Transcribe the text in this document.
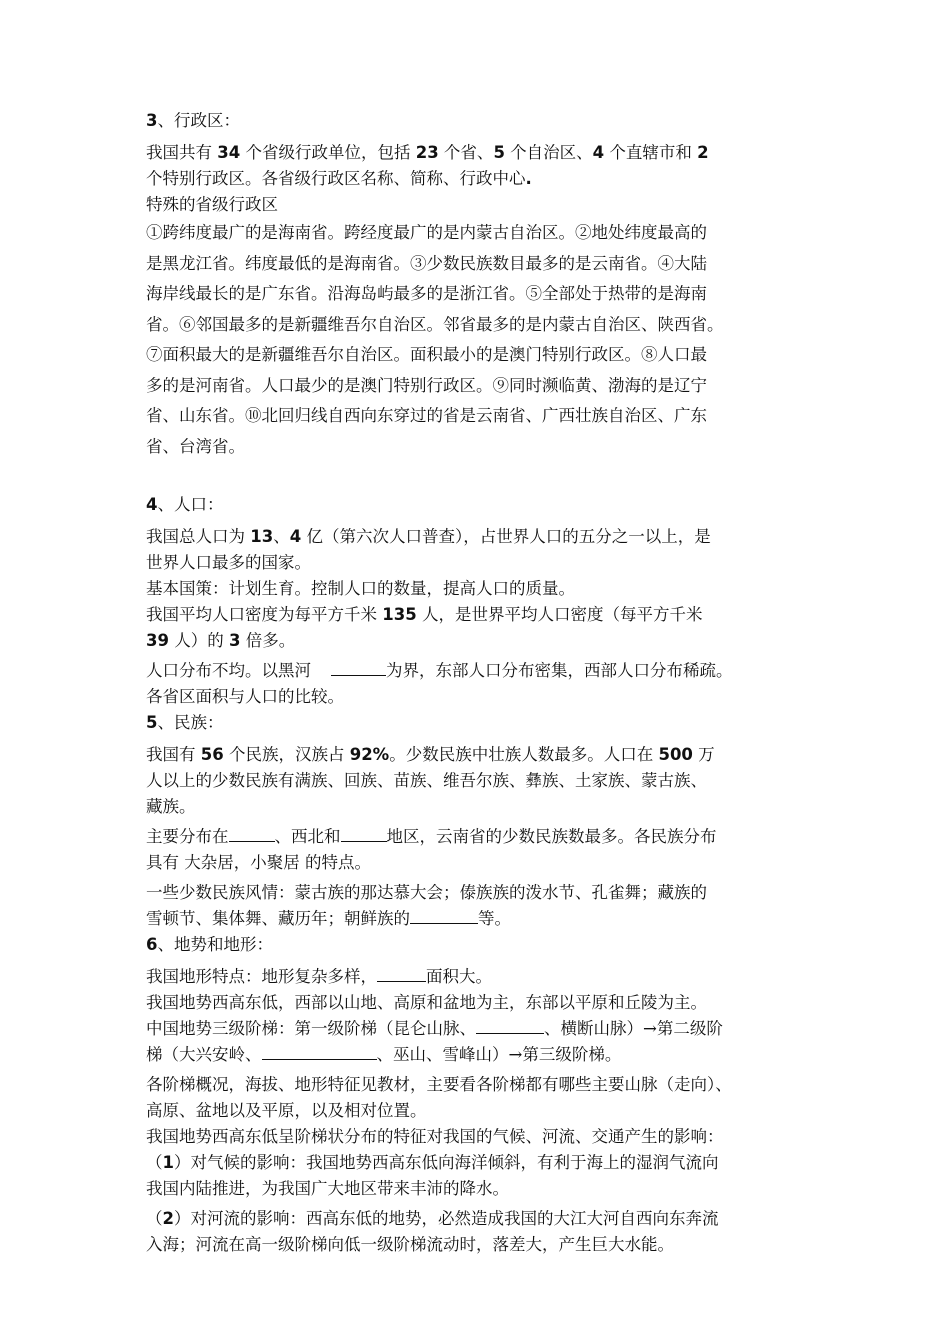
3、行政区：

我国共有 34 个省级行政单位，包括 23 个省、5 个自治区、4 个直辖市和 2

个特别行政区。各省级行政区名称、简称、行政中心.

特殊的省级行政区

①跨纬度最广的是海南省。跨经度最广的是内蒙古自治区。②地处纬度最高的

是黑龙江省。纬度最低的是海南省。③少数民族数目最多的是云南省。④大陆

海岸线最长的是广东省。沿海岛屿最多的是浙江省。⑤全部处于热带的是海南

省。⑥邻国最多的是新疆维吾尔自治区。邻省最多的是内蒙古自治区、陕西省。

⑦面积最大的是新疆维吾尔自治区。面积最小的是澳门特别行政区。⑧人口最

多的是河南省。人口最少的是澳门特别行政区。⑨同时濒临黄、渤海的是辽宁

省、山东省。⑩北回归线自西向东穿过的省是云南省、广西壮族自治区、广东

省、台湾省。

4、人口：

我国总人口为 13、4 亿（第六次人口普查），占世界人口的五分之一以上，是

世界人口最多的国家。

基本国策：计划生育。控制人口的数量，提高人口的质量。

我国平均人口密度为每平方千米 135 人，是世界平均人口密度（每平方千米

39 人）的 3 倍多。

人口分布不均。以黑河	为界，东部人口分布密集，西部人口分布稀疏。

各省区面积与人口的比较。

5、民族：

我国有 56 个民族，汉族占 92%。少数民族中壮族人数最多。人口在 500 万

人以上的少数民族有满族、回族、苗族、维吾尔族、彝族、土家族、蒙古族、

藏族。

主要分布在	、西北和	地区，云南省的少数民族数最多。各民族分布

具有 大杂居，小聚居 的特点。

一些少数民族风情：蒙古族的那达慕大会；傣族族的泼水节、孔雀舞；藏族的

雪顿节、集体舞、藏历年；朝鲜族的	等。

6、地势和地形：

我国地形特点：地形复杂多样，	面积大。

我国地势西高东低，西部以山地、高原和盆地为主，东部以平原和丘陵为主。

中国地势三级阶梯：第一级阶梯（昆仑山脉、	、横断山脉）→第二级阶

梯（大兴安岭、	、巫山、雪峰山）→第三级阶梯。

各阶梯概况，海拔、地形特征见教材，主要看各阶梯都有哪些主要山脉（走向）、

高原、盆地以及平原，以及相对位置。

我国地势西高东低呈阶梯状分布的特征对我国的气候、河流、交通产生的影响：

（1）对气候的影响：我国地势西高东低向海洋倾斜，有利于海上的湿润气流向

我国内陆推进，为我国广大地区带来丰沛的降水。

（2）对河流的影响：西高东低的地势，必然造成我国的大江大河自西向东奔流

入海；河流在高一级阶梯向低一级阶梯流动时，落差大，产生巨大水能。
